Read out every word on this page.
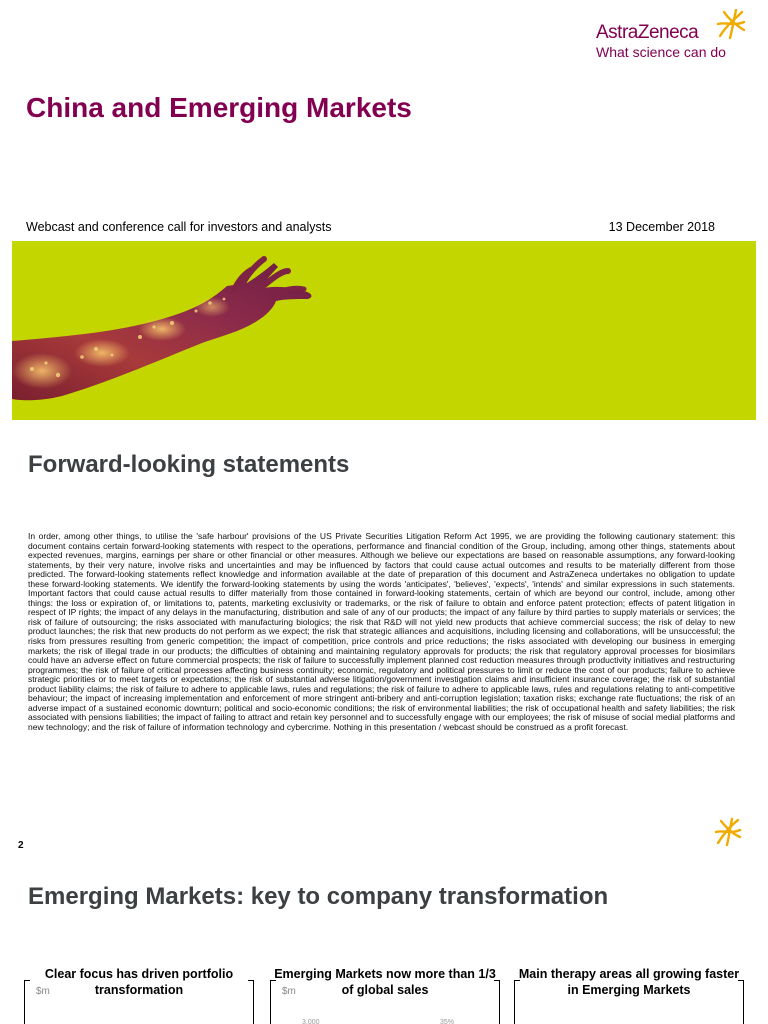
AstraZeneca
What science can do
China and Emerging Markets
Webcast and conference call for investors and analysts	13 December 2018
Forward-looking statements

In order, among other things, to utilise the 'safe harbour' provisions of the US Private Securities Litigation Reform Act 1995, we are providing the following cautionary statement: this document contains certain forward-looking statements with respect to the operations, performance and financial condition of the Group, including, among other things, statements about expected revenues, margins, earnings per share or other financial or other measures. Although we believe our expectations are based on reasonable assumptions, any forward-looking statements, by their very nature, involve risks and uncertainties and may be influenced by factors that could cause actual outcomes and results to be materially different from those predicted. The forward-looking statements reflect knowledge and information available at the date of preparation of this document and AstraZeneca undertakes no obligation to update these forward-looking statements. We identify the forward-looking statements by using the words 'anticipates', 'believes', 'expects', 'intends' and similar expressions in such statements. Important factors that could cause actual results to differ materially from those contained in forward-looking statements, certain of which are beyond our control, include, among other things: the loss or expiration of, or limitations to, patents, marketing exclusivity or trademarks, or the risk of failure to obtain and enforce patent protection; effects of patent litigation in respect of IP rights; the impact of any delays in the manufacturing, distribution and sale of any of our products; the impact of any failure by third parties to supply materials or services; the risk of failure of outsourcing; the risks associated with manufacturing biologics; the risk that R&D will not yield new products that achieve commercial success; the risk of delay to new product launches; the risk that new products do not perform as we expect; the risk that strategic alliances and acquisitions, including licensing and collaborations, will be unsuccessful; the risks from pressures resulting from generic competition; the impact of competition, price controls and price reductions; the risks associated with developing our business in emerging markets; the risk of illegal trade in our products; the difficulties of obtaining and maintaining regulatory approvals for products; the risk that regulatory approval processes for biosimilars could have an adverse effect on future commercial prospects; the risk of failure to successfully implement planned cost reduction measures through productivity initiatives and restructuring programmes; the risk of failure of critical processes affecting business continuity; economic, regulatory and political pressures to limit or reduce the cost of our products; failure to achieve strategic priorities or to meet targets or expectations; the risk of substantial adverse litigation/government investigation claims and insufficient insurance coverage; the risk of substantial product liability claims; the risk of failure to adhere to applicable laws, rules and regulations; the risk of failure to adhere to applicable laws, rules and regulations relating to anti-competitive behaviour; the impact of increasing implementation and enforcement of more stringent anti-bribery and anti-corruption legislation; taxation risks; exchange rate fluctuations; the risk of an adverse impact of a sustained economic downturn; political and socio-economic conditions; the risk of environmental liabilities; the risk of occupational health and safety liabilities; the risk associated with pensions liabilities; the impact of failing to attract and retain key personnel and to successfully engage with our employees; the risk of misuse of social medial platforms and new technology; and the risk of failure of information technology and cybercrime. Nothing in this presentation / webcast should be construed as a profit forecast.

2
Emerging Markets: key to company transformation
Clear focus has driven portfolio transformation
$m
Emerging Markets now more than 1/3 of global sales
$m
3,000	35%
Main therapy areas all growing faster in Emerging Markets
